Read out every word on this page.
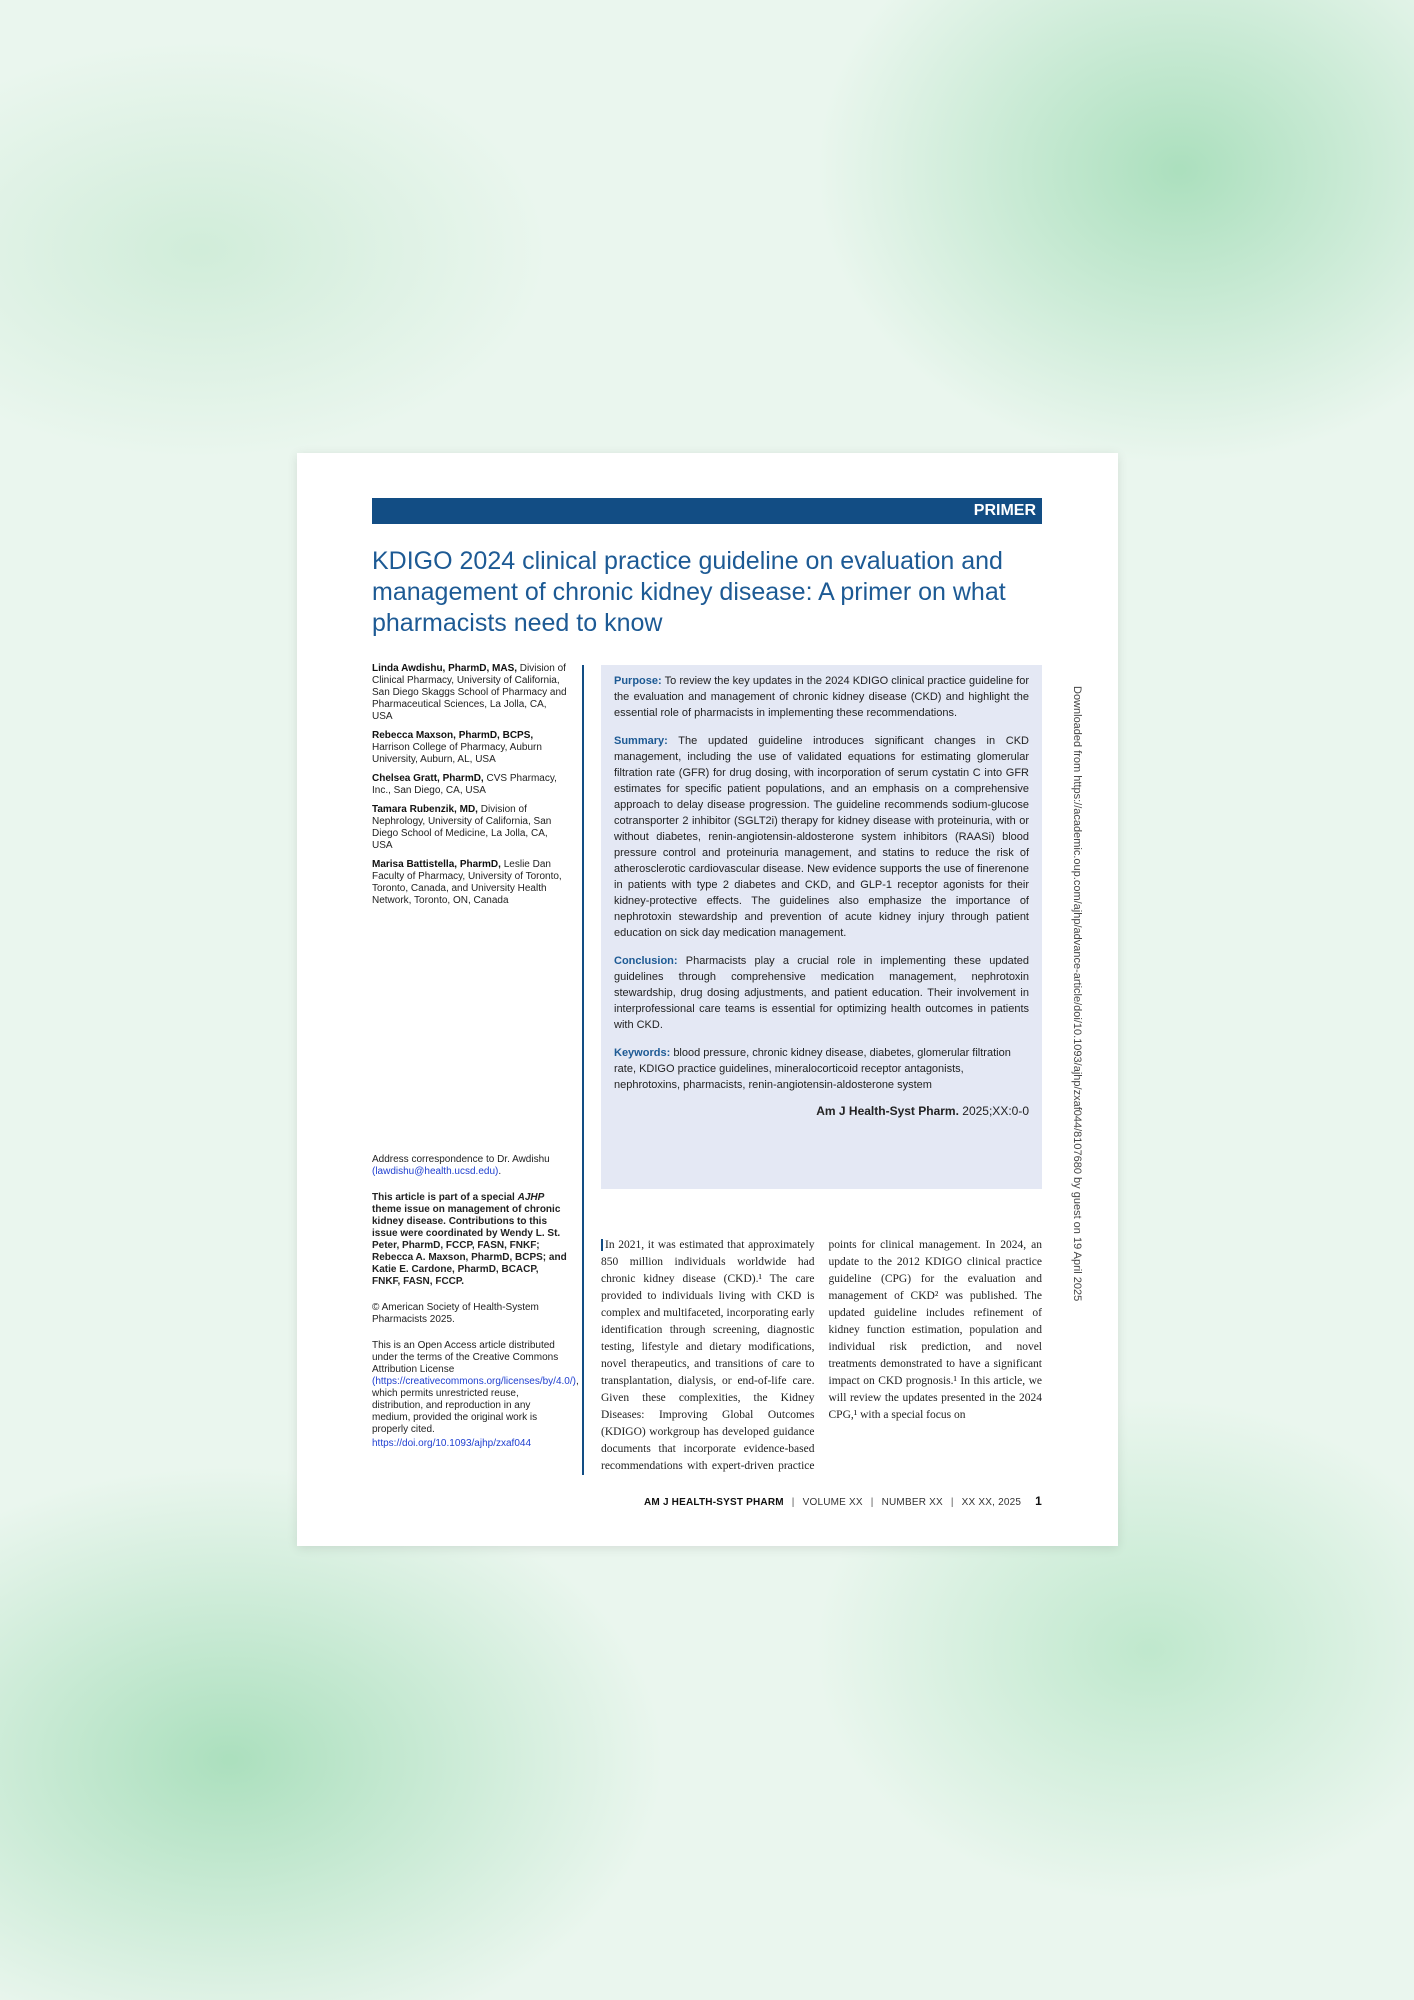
PRIMER
KDIGO 2024 clinical practice guideline on evaluation and management of chronic kidney disease: A primer on what pharmacists need to know

Linda Awdishu, PharmD, MAS, Division of Clinical Pharmacy, University of California, San Diego Skaggs School of Pharmacy and Pharmaceutical Sciences, La Jolla, CA, USA

Rebecca Maxson, PharmD, BCPS, Harrison College of Pharmacy, Auburn University, Auburn, AL, USA

Chelsea Gratt, PharmD, CVS Pharmacy, Inc., San Diego, CA, USA

Tamara Rubenzik, MD, Division of Nephrology, University of California, San Diego School of Medicine, La Jolla, CA, USA

Marisa Battistella, PharmD, Leslie Dan Faculty of Pharmacy, University of Toronto, Toronto, Canada, and University Health Network, Toronto, ON, Canada

Address correspondence to Dr. Awdishu (lawdishu@health.ucsd.edu).

This article is part of a special AJHP theme issue on management of chronic kidney disease. Contributions to this issue were coordinated by Wendy L. St. Peter, PharmD, FCCP, FASN, FNKF; Rebecca A. Maxson, PharmD, BCPS; and Katie E. Cardone, PharmD, BCACP, FNKF, FASN, FCCP.

© American Society of Health-System Pharmacists 2025.

This is an Open Access article distributed under the terms of the Creative Commons Attribution License (https://creativecommons.org/licenses/by/4.0/), which permits unrestricted reuse, distribution, and reproduction in any medium, provided the original work is properly cited.

https://doi.org/10.1093/ajhp/zxaf044

Purpose: To review the key updates in the 2024 KDIGO clinical practice guideline for the evaluation and management of chronic kidney disease (CKD) and highlight the essential role of pharmacists in implementing these recommendations.

Summary: The updated guideline introduces significant changes in CKD management, including the use of validated equations for estimating glomerular filtration rate (GFR) for drug dosing, with incorporation of serum cystatin C into GFR estimates for specific patient populations, and an emphasis on a comprehensive approach to delay disease progression. The guideline recommends sodium-glucose cotransporter 2 inhibitor (SGLT2i) therapy for kidney disease with proteinuria, with or without diabetes, renin-angiotensin-aldosterone system inhibitors (RAASi) blood pressure control and proteinuria management, and statins to reduce the risk of atherosclerotic cardiovascular disease. New evidence supports the use of finerenone in patients with type 2 diabetes and CKD, and GLP-1 receptor agonists for their kidney-protective effects. The guidelines also emphasize the importance of nephrotoxin stewardship and prevention of acute kidney injury through patient education on sick day medication management.

Conclusion: Pharmacists play a crucial role in implementing these updated guidelines through comprehensive medication management, nephrotoxin stewardship, drug dosing adjustments, and patient education. Their involvement in interprofessional care teams is essential for optimizing health outcomes in patients with CKD.

Keywords: blood pressure, chronic kidney disease, diabetes, glomerular filtration rate, KDIGO practice guidelines, mineralocorticoid receptor antagonists, nephrotoxins, pharmacists, renin-angiotensin-aldosterone system

Am J Health-Syst Pharm. 2025;XX:0-0

In 2021, it was estimated that approximately 850 million individuals worldwide had chronic kidney disease (CKD).¹ The care provided to individuals living with CKD is complex and multifaceted, incorporating early identification through screening, diagnostic testing, lifestyle and dietary modifications, novel therapeutics, and transitions of care to transplantation, dialysis, or end-of-life care. Given these complexities, the Kidney Diseases: Improving Global Outcomes (KDIGO) workgroup has developed guidance documents that incorporate evidence-based recommendations with expert-driven practice points for clinical management. In 2024, an update to the 2012 KDIGO clinical practice guideline (CPG) for the evaluation and management of CKD² was published. The updated guideline includes refinement of kidney function estimation, population and individual risk prediction, and novel treatments demonstrated to have a significant impact on CKD prognosis.¹ In this article, we will review the updates presented in the 2024 CPG,¹ with a special focus on

AM J HEALTH-SYST PHARM | VOLUME XX | NUMBER XX | XX XX, 2025 1
Downloaded from https://academic.oup.com/ajhp/advance-article/doi/10.1093/ajhp/zxaf044/8107680 by guest on 19 April 2025
